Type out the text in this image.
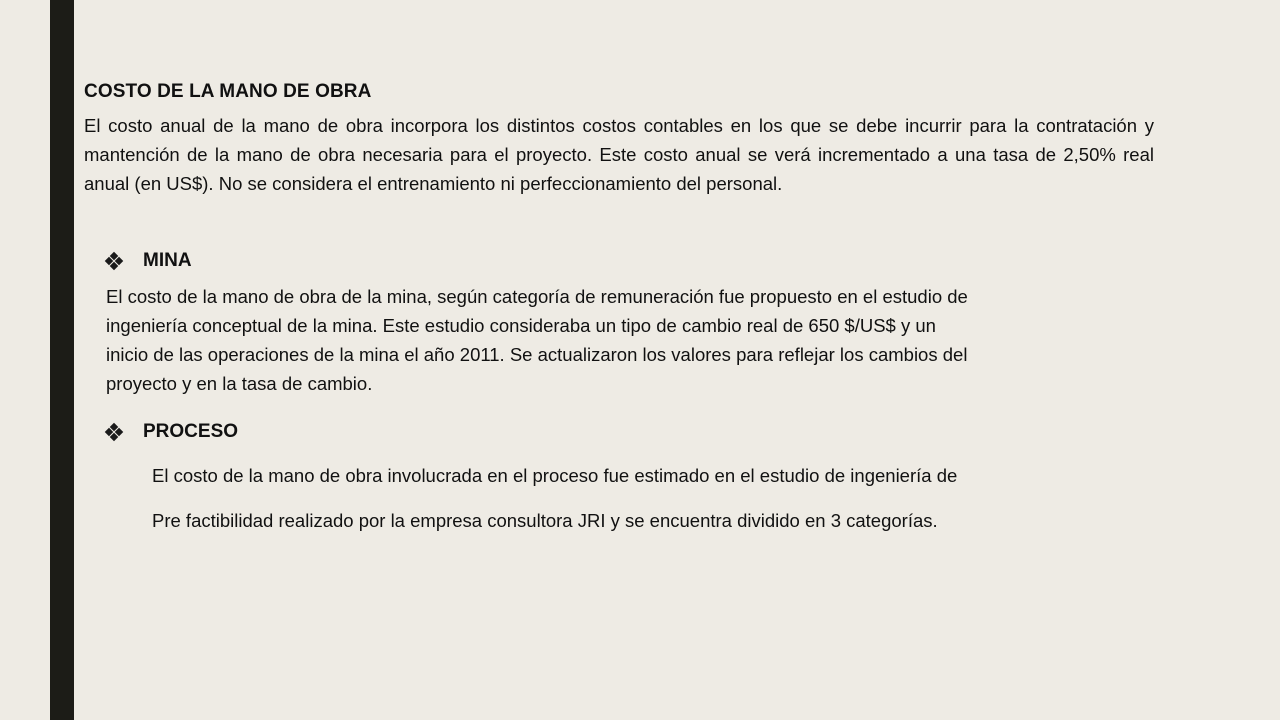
COSTO DE LA MANO DE OBRA

El costo anual de la mano de obra incorpora los distintos costos contables en los que se debe incurrir para la contratación y mantención de la mano de obra necesaria para el proyecto. Este costo anual se verá incrementado a una tasa de 2,50% real anual (en US$). No se considera el entrenamiento ni perfeccionamiento del personal.

MINA

El costo de la mano de obra de la mina, según categoría de remuneración fue propuesto en el estudio de
ingeniería conceptual de la mina. Este estudio consideraba un tipo de cambio real de 650 $/US$ y un
inicio de las operaciones de la mina el año 2011. Se actualizaron los valores para reflejar los cambios del
proyecto y en la tasa de cambio.

PROCESO

El costo de la mano de obra involucrada en el proceso fue estimado en el estudio de ingeniería de

Pre factibilidad realizado por la empresa consultora JRI y se encuentra dividido en 3 categorías.
